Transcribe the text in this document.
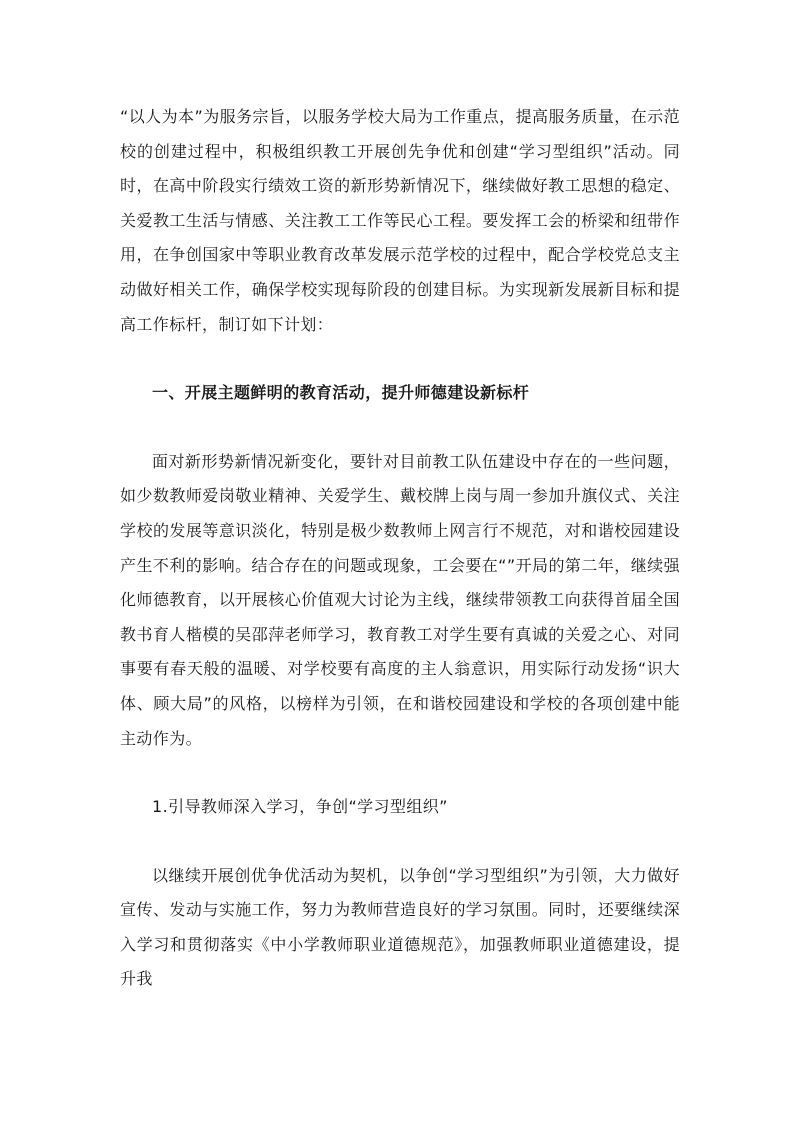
“以人为本”为服务宗旨，以服务学校大局为工作重点，提高服务质量，在示范校的创建过程中，积极组织教工开展创先争优和创建“学习型组织”活动。同时，在高中阶段实行绩效工资的新形势新情况下，继续做好教工思想的稳定、关爱教工生活与情感、关注教工工作等民心工程。要发挥工会的桥梁和纽带作用，在争创国家中等职业教育改革发展示范学校的过程中，配合学校党总支主动做好相关工作，确保学校实现每阶段的创建目标。为实现新发展新目标和提高工作标杆，制订如下计划：

一、开展主题鲜明的教育活动，提升师德建设新标杆

面对新形势新情况新变化，要针对目前教工队伍建设中存在的一些问题，如少数教师爱岗敬业精神、关爱学生、戴校牌上岗与周一参加升旗仪式、关注学校的发展等意识淡化，特别是极少数教师上网言行不规范，对和谐校园建设产生不利的影响。结合存在的问题或现象，工会要在“”开局的第二年，继续强化师德教育，以开展核心价值观大讨论为主线，继续带领教工向获得首届全国教书育人楷模的吴邵萍老师学习，教育教工对学生要有真诚的关爱之心、对同事要有春天般的温暖、对学校要有高度的主人翁意识，用实际行动发扬“识大体、顾大局”的风格，以榜样为引领，在和谐校园建设和学校的各项创建中能主动作为。

1.引导教师深入学习，争创“学习型组织”

以继续开展创优争优活动为契机，以争创“学习型组织”为引领，大力做好宣传、发动与实施工作，努力为教师营造良好的学习氛围。同时，还要继续深入学习和贯彻落实《中小学教师职业道德规范》，加强教师职业道德建设，提升我
